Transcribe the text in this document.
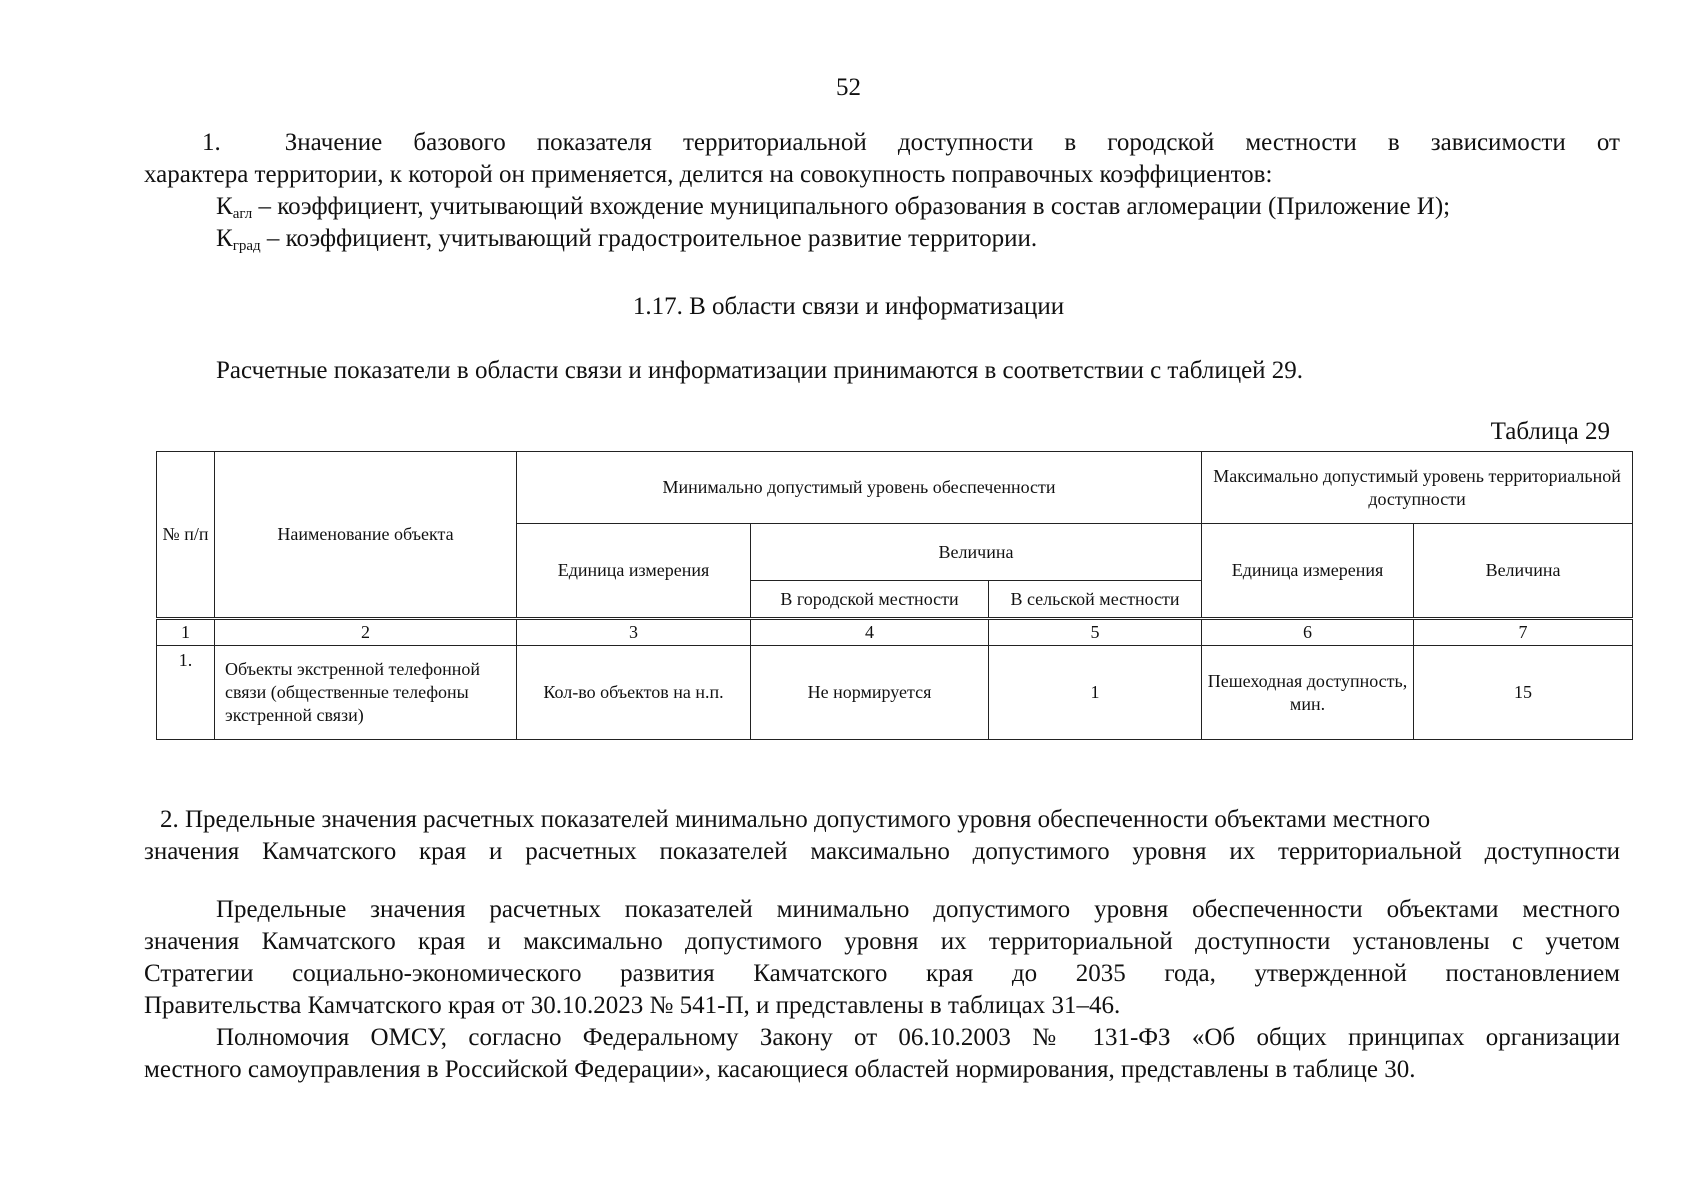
52
1.	Значение базового показателя территориальной доступности в городской местности в зависимости от
характера территории, к которой он применяется, делится на совокупность поправочных коэффициентов:
$К_{агл}$ – коэффициент, учитывающий вхождение муниципального образования в состав агломерации (Приложение И);
$К_{град}$ – коэффициент, учитывающий градостроительное развитие территории.
1.17. В области связи и информатизации
Расчетные показатели в области связи и информатизации принимаются в соответствии с таблицей 29.
Таблица 29
№ п/п	Наименование объекта	Минимально допустимый уровень обеспеченности			Максимально допустимый уровень территориальной доступности	
		Единица измерения	Величина		Единица измерения	Величина
			В городской местности	В сельской местности		
1	2	3	4	5	6	7
1.	Объекты экстренной телефонной связи (общественные телефоны экстренной связи)	Кол-во объектов на н.п.	Не нормируется	1	Пешеходная доступность, мин.	15
2. Предельные значения расчетных показателей минимально допустимого уровня обеспеченности объектами местного
значения Камчатского края и расчетных показателей максимально допустимого уровня их территориальной доступности
Предельные значения расчетных показателей минимально допустимого уровня обеспеченности объектами местного
значения Камчатского края и максимально допустимого уровня их территориальной доступности установлены с учетом
Стратегии социально-экономического развития Камчатского края до 2035 года, утвержденной постановлением
Правительства Камчатского края от 30.10.2023 № 541-П, и представлены в таблицах 31–46.
Полномочия ОМСУ, согласно Федеральному Закону от 06.10.2003 № 131-ФЗ «Об общих принципах организации
местного самоуправления в Российской Федерации», касающиеся областей нормирования, представлены в таблице 30.
